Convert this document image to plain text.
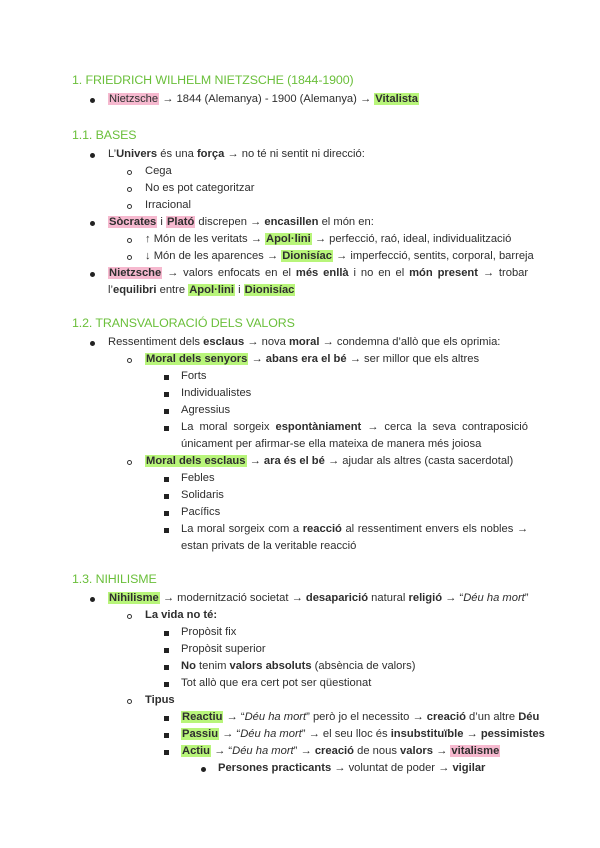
1. FRIEDRICH WILHELM NIETZSCHE (1844-1900)
Nietzsche → 1844 (Alemanya) - 1900 (Alemanya) → Vitalista
1.1. BASES
L’Univers és una força → no té ni sentit ni direcció:
Cega
No es pot categoritzar
Irracional
Sòcrates i Plató discrepen → encasillen el món en:
↑ Món de les veritats → Apol·lini → perfecció, raó, ideal, individualització
↓ Món de les aparences → Dionisíac → imperfecció, sentits, corporal, barreja
Nietzsche → valors enfocats en el més enllà i no en el món present → trobar
l’equilibri entre Apol·lini i Dionisíac
1.2. TRANSVALORACIÓ DELS VALORS
Ressentiment dels esclaus → nova moral → condemna d’allò que els oprimia:
Moral dels senyors → abans era el bé → ser millor que els altres
Forts
Individualistes
Agressius
La moral sorgeix espontàniament → cerca la seva contraposició
únicament per afirmar-se ella mateixa de manera més joiosa
Moral dels esclaus → ara és el bé → ajudar als altres (casta sacerdotal)
Febles
Solidaris
Pacífics
La moral sorgeix com a reacció al ressentiment envers els nobles →
estan privats de la veritable reacció
1.3. NIHILISME
Nihilisme → modernització societat → desaparició natural religió → “Déu ha mort”
La vida no té:
Propòsit fix
Propòsit superior
No tenim valors absoluts (absència de valors)
Tot allò que era cert pot ser qüestionat
Tipus
Reactiu → “Déu ha mort” però jo el necessito → creació d’un altre Déu
Passiu → “Déu ha mort” → el seu lloc és insubstituïble → pessimistes
Actiu → “Déu ha mort” → creació de nous valors → vitalisme
Persones practicants → voluntat de poder → vigilar
